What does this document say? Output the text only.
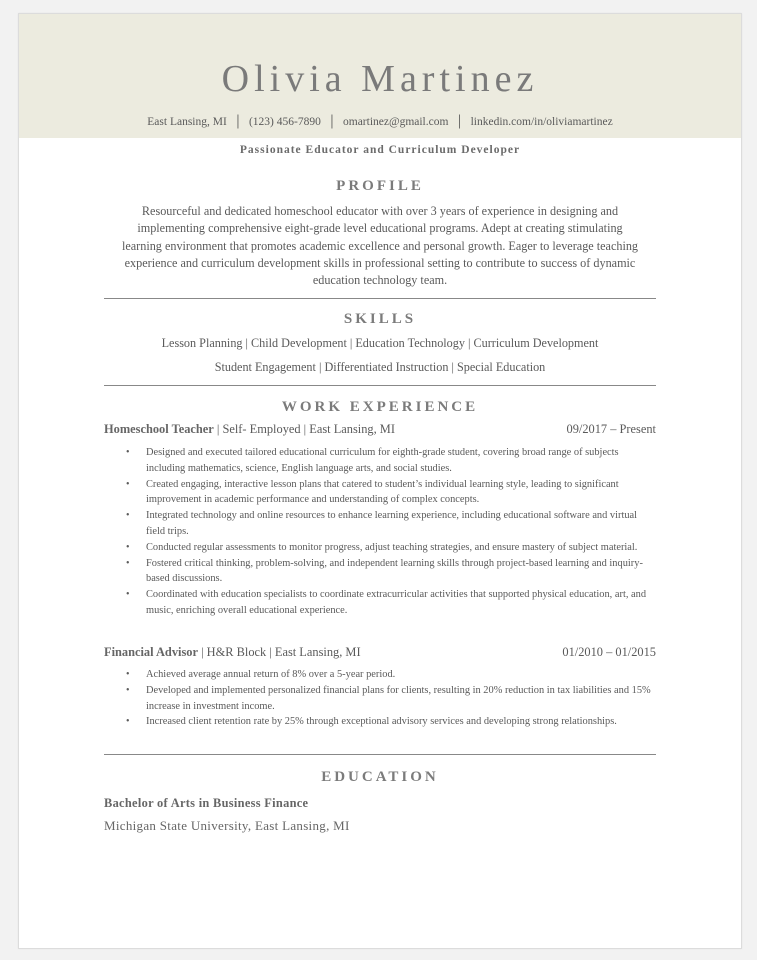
Olivia Martinez
East Lansing, MI │ (123) 456-7890 │ omartinez@gmail.com │ linkedin.com/in/oliviamartinez
Passionate Educator and Curriculum Developer
PROFILE
Resourceful and dedicated homeschool educator with over 3 years of experience in designing and
implementing comprehensive eight-grade level educational programs. Adept at creating stimulating
learning environment that promotes academic excellence and personal growth. Eager to leverage teaching
experience and curriculum development skills in professional setting to contribute to success of dynamic
education technology team.
SKILLS
Lesson Planning | Child Development | Education Technology | Curriculum Development
Student Engagement | Differentiated Instruction | Special Education
WORK EXPERIENCE
Homeschool Teacher | Self- Employed | East Lansing, MI	09/2017 – Present
• Designed and executed tailored educational curriculum for eighth-grade student, covering broad range of subjects including mathematics, science, English language arts, and social studies.
• Created engaging, interactive lesson plans that catered to student’s individual learning style, leading to significant improvement in academic performance and understanding of complex concepts.
• Integrated technology and online resources to enhance learning experience, including educational software and virtual field trips.
• Conducted regular assessments to monitor progress, adjust teaching strategies, and ensure mastery of subject material.
• Fostered critical thinking, problem-solving, and independent learning skills through project-based learning and inquiry-based discussions.
• Coordinated with education specialists to coordinate extracurricular activities that supported physical education, art, and music, enriching overall educational experience.
Financial Advisor | H&R Block | East Lansing, MI	01/2010 – 01/2015
• Achieved average annual return of 8% over a 5-year period.
• Developed and implemented personalized financial plans for clients, resulting in 20% reduction in tax liabilities and 15% increase in investment income.
• Increased client retention rate by 25% through exceptional advisory services and developing strong relationships.
EDUCATION
Bachelor of Arts in Business Finance
Michigan State University, East Lansing, MI
